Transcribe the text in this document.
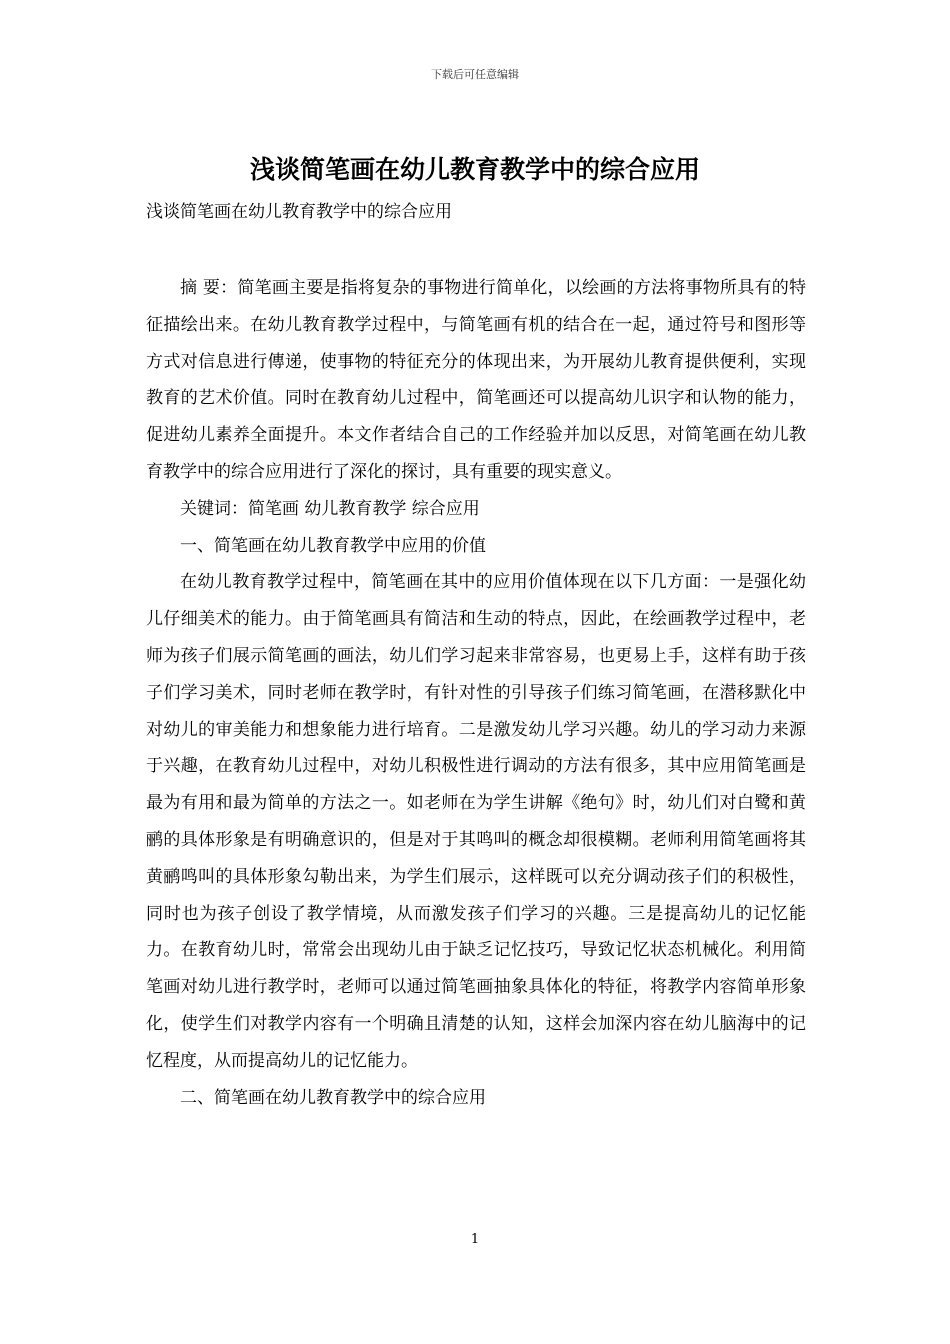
下载后可任意编辑
浅谈简笔画在幼儿教育教学中的综合应用

浅谈简笔画在幼儿教育教学中的综合应用

摘 要：简笔画主要是指将复杂的事物进行简单化，以绘画的方法将事物所具有的特征描绘出来。在幼儿教育教学过程中，与简笔画有机的结合在一起，通过符号和图形等方式对信息进行傳递，使事物的特征充分的体现出来，为开展幼儿教育提供便利，实现教育的艺术价值。同时在教育幼儿过程中，简笔画还可以提高幼儿识字和认物的能力，促进幼儿素养全面提升。本文作者结合自己的工作经验并加以反思，对简笔画在幼儿教育教学中的综合应用进行了深化的探讨，具有重要的现实意义。

关键词：简笔画 幼儿教育教学 综合应用

一、简笔画在幼儿教育教学中应用的价值

在幼儿教育教学过程中，简笔画在其中的应用价值体现在以下几方面：一是强化幼儿仔细美术的能力。由于简笔画具有简洁和生动的特点，因此，在绘画教学过程中，老师为孩子们展示简笔画的画法，幼儿们学习起来非常容易，也更易上手，这样有助于孩子们学习美术，同时老师在教学时，有针对性的引导孩子们练习简笔画，在潜移默化中对幼儿的审美能力和想象能力进行培育。二是激发幼儿学习兴趣。幼儿的学习动力来源于兴趣，在教育幼儿过程中，对幼儿积极性进行调动的方法有很多，其中应用简笔画是最为有用和最为简单的方法之一。如老师在为学生讲解《绝句》时，幼儿们对白鹭和黄鹂的具体形象是有明确意识的，但是对于其鸣叫的概念却很模糊。老师利用简笔画将其黄鹂鸣叫的具体形象勾勒出来，为学生们展示，这样既可以充分调动孩子们的积极性，同时也为孩子创设了教学情境，从而激发孩子们学习的兴趣。三是提高幼儿的记忆能力。在教育幼儿时，常常会出现幼儿由于缺乏记忆技巧，导致记忆状态机械化。利用简笔画对幼儿进行教学时，老师可以通过简笔画抽象具体化的特征，将教学内容简单形象化，使学生们对教学内容有一个明确且清楚的认知，这样会加深内容在幼儿脑海中的记忆程度，从而提高幼儿的记忆能力。

二、简笔画在幼儿教育教学中的综合应用

1
